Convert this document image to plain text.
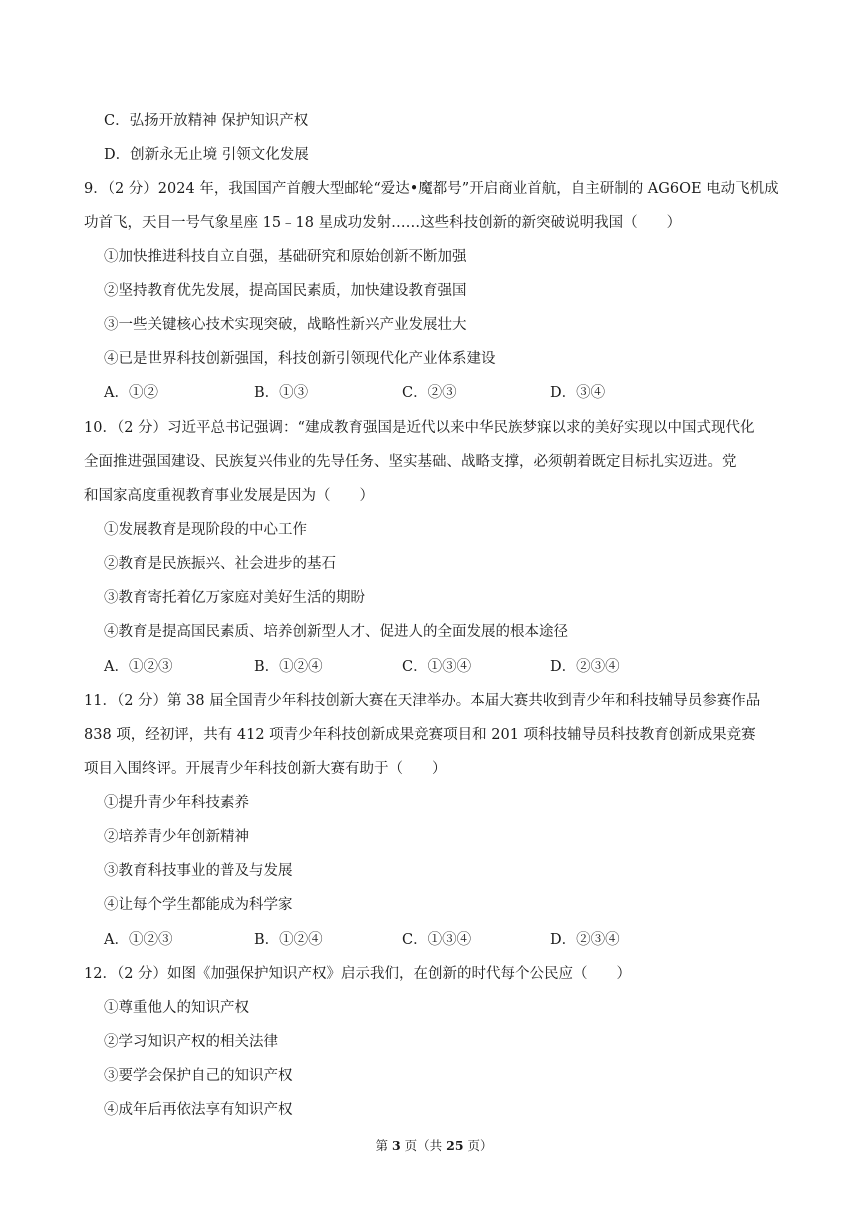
C．弘扬开放精神 保护知识产权
D．创新永无止境 引领文化发展
9．（2 分）2024 年，我国国产首艘大型邮轮“爱达•魔都号”开启商业首航，自主研制的 AG6OE 电动飞机成
功首飞，天目一号气象星座 15﹣18 星成功发射……这些科技创新的新突破说明我国（　　）
①加快推进科技自立自强，基础研究和原始创新不断加强
②坚持教育优先发展，提高国民素质，加快建设教育强国
③一些关键核心技术实现突破，战略性新兴产业发展壮大
④已是世界科技创新强国，科技创新引领现代化产业体系建设
A．①②	B．①③	C．②③	D．③④
10．（2 分）习近平总书记强调：“建成教育强国是近代以来中华民族梦寐以求的美好实现以中国式现代化
全面推进强国建设、民族复兴伟业的先导任务、坚实基础、战略支撑，必须朝着既定目标扎实迈进。党
和国家高度重视教育事业发展是因为（　　）
①发展教育是现阶段的中心工作
②教育是民族振兴、社会进步的基石
③教育寄托着亿万家庭对美好生活的期盼
④教育是提高国民素质、培养创新型人才、促进人的全面发展的根本途径
A．①②③	B．①②④	C．①③④	D．②③④
11．（2 分）第 38 届全国青少年科技创新大赛在天津举办。本届大赛共收到青少年和科技辅导员参赛作品
838 项，经初评，共有 412 项青少年科技创新成果竞赛项目和 201 项科技辅导员科技教育创新成果竞赛
项目入围终评。开展青少年科技创新大赛有助于（　　）
①提升青少年科技素养
②培养青少年创新精神
③教育科技事业的普及与发展
④让每个学生都能成为科学家
A．①②③	B．①②④	C．①③④	D．②③④
12．（2 分）如图《加强保护知识产权》启示我们，在创新的时代每个公民应（　　）
①尊重他人的知识产权
②学习知识产权的相关法律
③要学会保护自己的知识产权
④成年后再依法享有知识产权
第 3 页（共 25 页）
